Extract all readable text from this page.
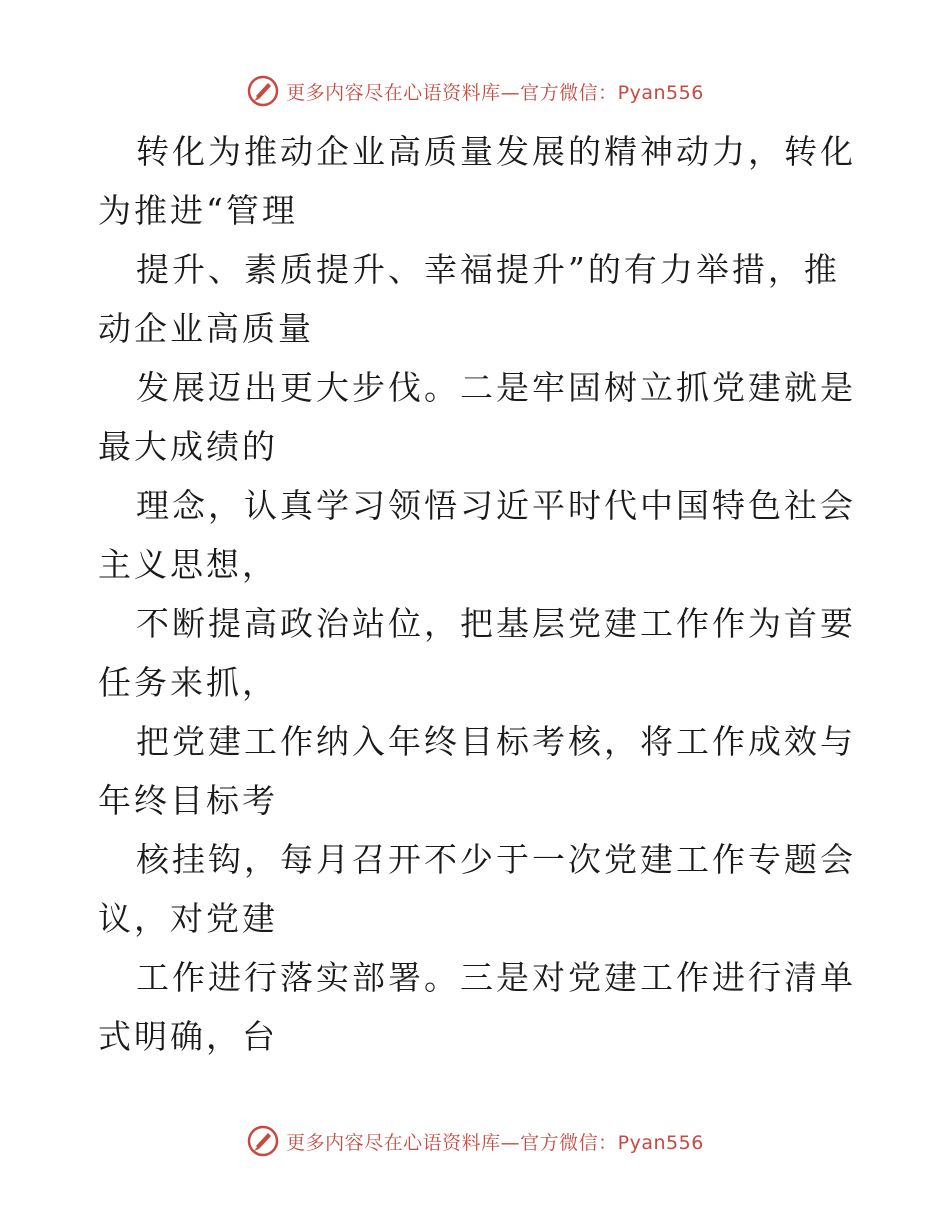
更多内容尽在心语资料库—官方微信：Pyan556

转化为推动企业高质量发展的精神动力，转化为推进“管理

提升、素质提升、幸福提升”的有力举措，推动企业高质量

发展迈出更大步伐。二是牢固树立抓党建就是最大成绩的

理念，认真学习领悟习近平时代中国特色社会主义思想，

不断提高政治站位，把基层党建工作作为首要任务来抓，

把党建工作纳入年终目标考核，将工作成效与年终目标考

核挂钩，每月召开不少于一次党建工作专题会议，对党建

工作进行落实部署。三是对党建工作进行清单式明确，台

更多内容尽在心语资料库—官方微信：Pyan556
